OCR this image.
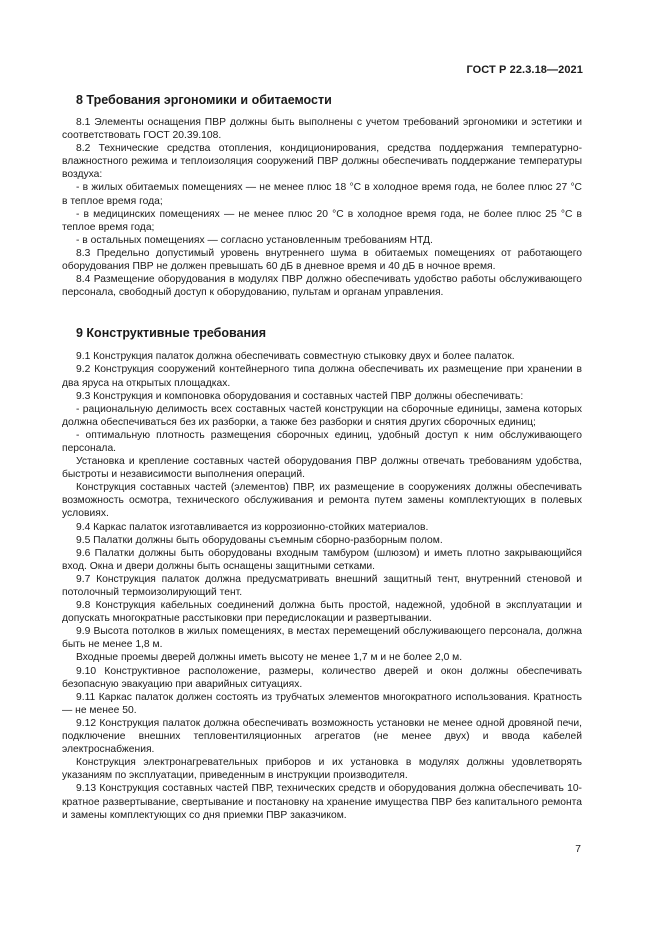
ГОСТ Р 22.3.18—2021
8 Требования эргономики и обитаемости

8.1 Элементы оснащения ПВР должны быть выполнены с учетом требований эргономики и эстетики и соответствовать ГОСТ 20.39.108.

8.2 Технические средства отопления, кондиционирования, средства поддержания температурно-влажностного режима и теплоизоляция сооружений ПВР должны обеспечивать поддержание температуры воздуха:

- в жилых обитаемых помещениях — не менее плюс 18 °С в холодное время года, не более плюс 27 °С в теплое время года;

- в медицинских помещениях — не менее плюс 20 °С в холодное время года, не более плюс 25 °С в теплое время года;

- в остальных помещениях — согласно установленным требованиям НТД.

8.3 Предельно допустимый уровень внутреннего шума в обитаемых помещениях от работающего оборудования ПВР не должен превышать 60 дБ в дневное время и 40 дБ в ночное время.

8.4 Размещение оборудования в модулях ПВР должно обеспечивать удобство работы обслуживающего персонала, свободный доступ к оборудованию, пультам и органам управления.

9 Конструктивные требования

9.1 Конструкция палаток должна обеспечивать совместную стыковку двух и более палаток.

9.2 Конструкция сооружений контейнерного типа должна обеспечивать их размещение при хранении в два яруса на открытых площадках.

9.3 Конструкция и компоновка оборудования и составных частей ПВР должны обеспечивать:

- рациональную делимость всех составных частей конструкции на сборочные единицы, замена которых должна обеспечиваться без их разборки, а также без разборки и снятия других сборочных единиц;

- оптимальную плотность размещения сборочных единиц, удобный доступ к ним обслуживающего персонала.

Установка и крепление составных частей оборудования ПВР должны отвечать требованиям удобства, быстроты и независимости выполнения операций.

Конструкция составных частей (элементов) ПВР, их размещение в сооружениях должны обеспечивать возможность осмотра, технического обслуживания и ремонта путем замены комплектующих в полевых условиях.

9.4 Каркас палаток изготавливается из коррозионно-стойких материалов.

9.5 Палатки должны быть оборудованы съемным сборно-разборным полом.

9.6 Палатки должны быть оборудованы входным тамбуром (шлюзом) и иметь плотно закрывающийся вход. Окна и двери должны быть оснащены защитными сетками.

9.7 Конструкция палаток должна предусматривать внешний защитный тент, внутренний стеновой и потолочный термоизолирующий тент.

9.8 Конструкция кабельных соединений должна быть простой, надежной, удобной в эксплуатации и допускать многократные расстыковки при передислокации и развертывании.

9.9 Высота потолков в жилых помещениях, в местах перемещений обслуживающего персонала, должна быть не менее 1,8 м.

Входные проемы дверей должны иметь высоту не менее 1,7 м и не более 2,0 м.

9.10 Конструктивное расположение, размеры, количество дверей и окон должны обеспечивать безопасную эвакуацию при аварийных ситуациях.

9.11 Каркас палаток должен состоять из трубчатых элементов многократного использования. Кратность — не менее 50.

9.12 Конструкция палаток должна обеспечивать возможность установки не менее одной дровяной печи, подключение внешних тепловентиляционных агрегатов (не менее двух) и ввода кабелей электроснабжения.

Конструкция электронагревательных приборов и их установка в модулях должны удовлетворять указаниям по эксплуатации, приведенным в инструкции производителя.

9.13 Конструкция составных частей ПВР, технических средств и оборудования должна обеспечивать 10-кратное развертывание, свертывание и постановку на хранение имущества ПВР без капитального ремонта и замены комплектующих со дня приемки ПВР заказчиком.

7
